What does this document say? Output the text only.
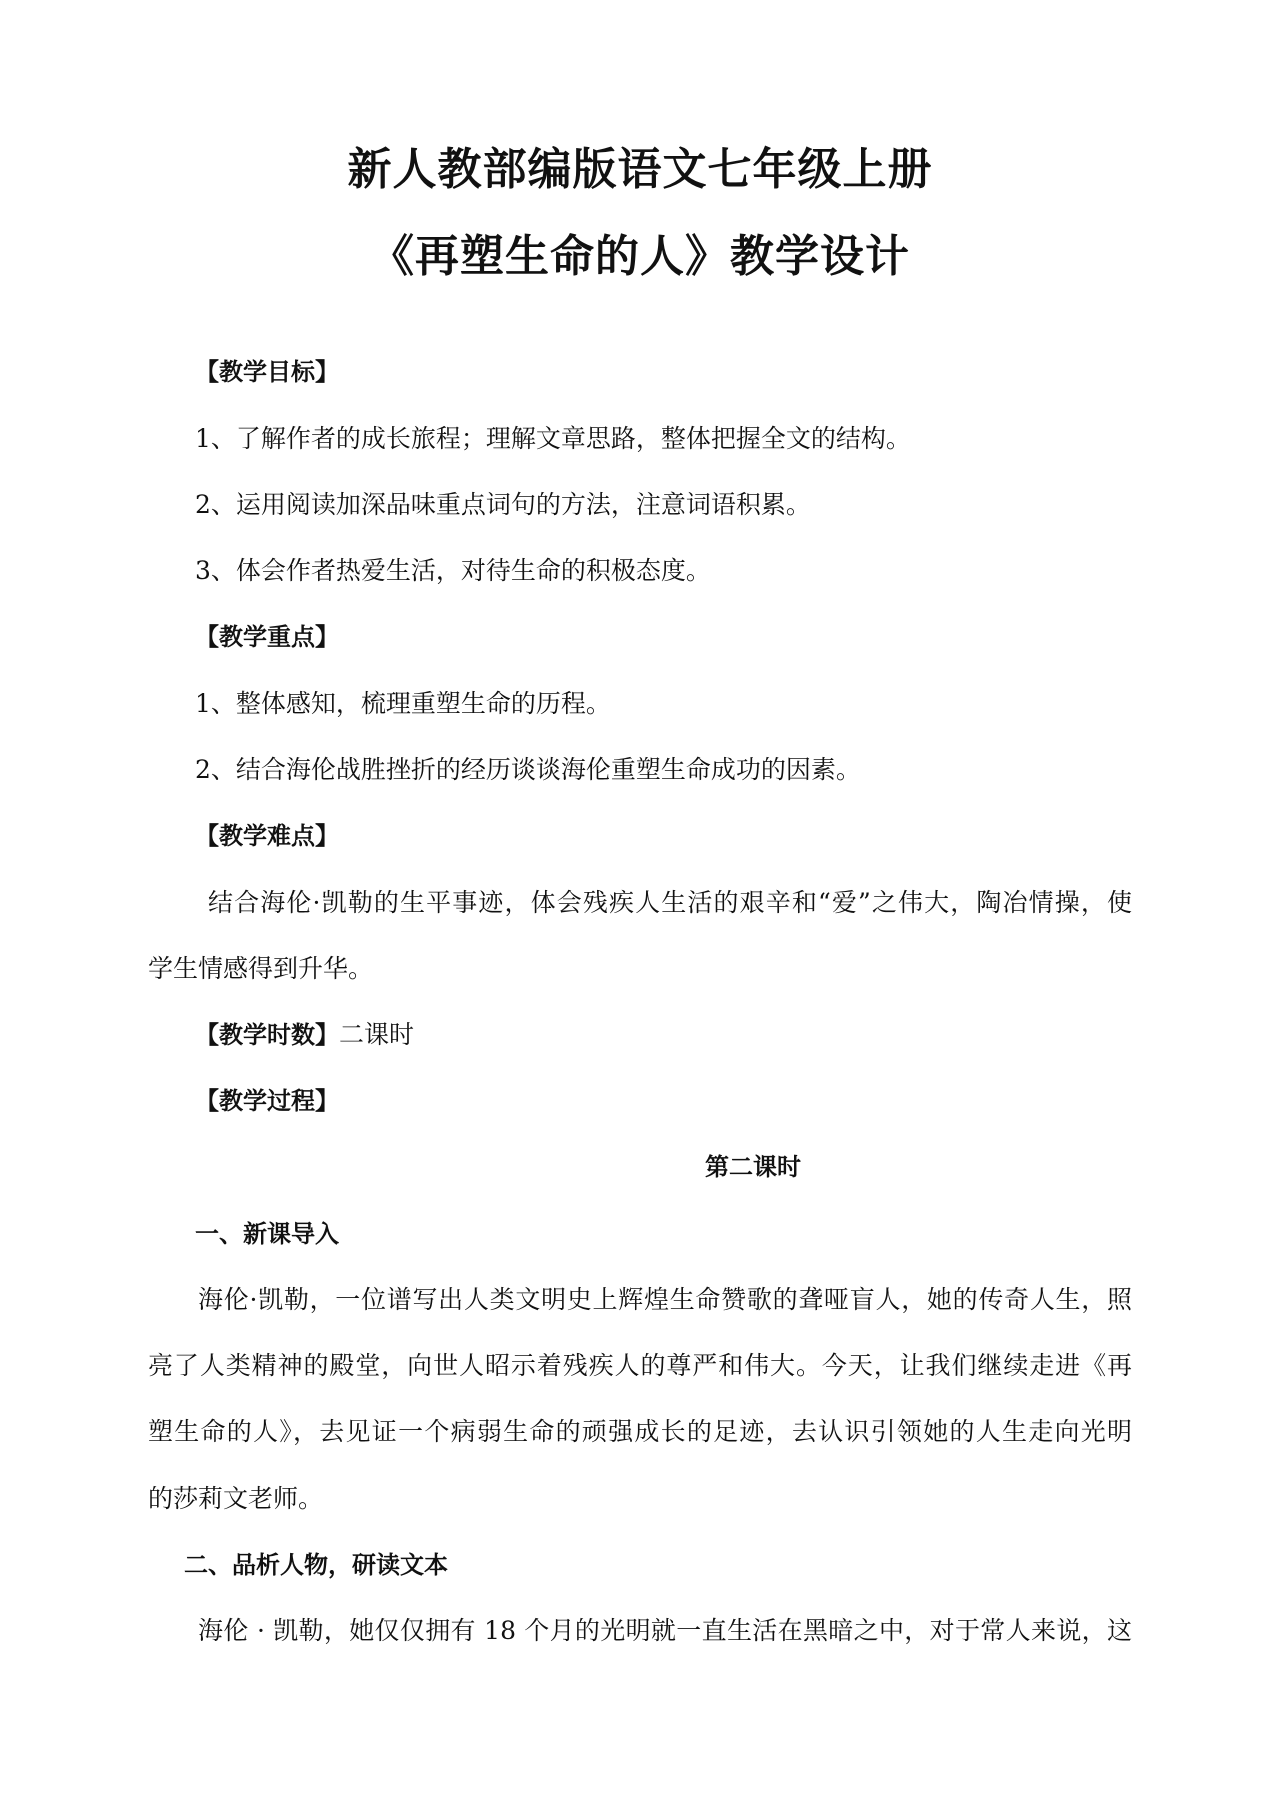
新人教部编版语文七年级上册
《再塑生命的人》教学设计
【教学目标】
1、了解作者的成长旅程；理解文章思路，整体把握全文的结构。
2、运用阅读加深品味重点词句的方法，注意词语积累。
3、体会作者热爱生活，对待生命的积极态度。
【教学重点】
1、整体感知，梳理重塑生命的历程。
2、结合海伦战胜挫折的经历谈谈海伦重塑生命成功的因素。
【教学难点】
结合海伦·凯勒的生平事迹，体会残疾人生活的艰辛和“爱”之伟大，陶冶情操，使
学生情感得到升华。
【教学时数】二课时
【教学过程】
第二课时
一、新课导入
海伦·凯勒，一位谱写出人类文明史上辉煌生命赞歌的聋哑盲人，她的传奇人生，照
亮了人类精神的殿堂，向世人昭示着残疾人的尊严和伟大。今天，让我们继续走进《再
塑生命的人》，去见证一个病弱生命的顽强成长的足迹，去认识引领她的人生走向光明
的莎莉文老师。
二、品析人物，研读文本
海伦 · 凯勒，她仅仅拥有 18 个月的光明就一直生活在黑暗之中，对于常人来说，这
